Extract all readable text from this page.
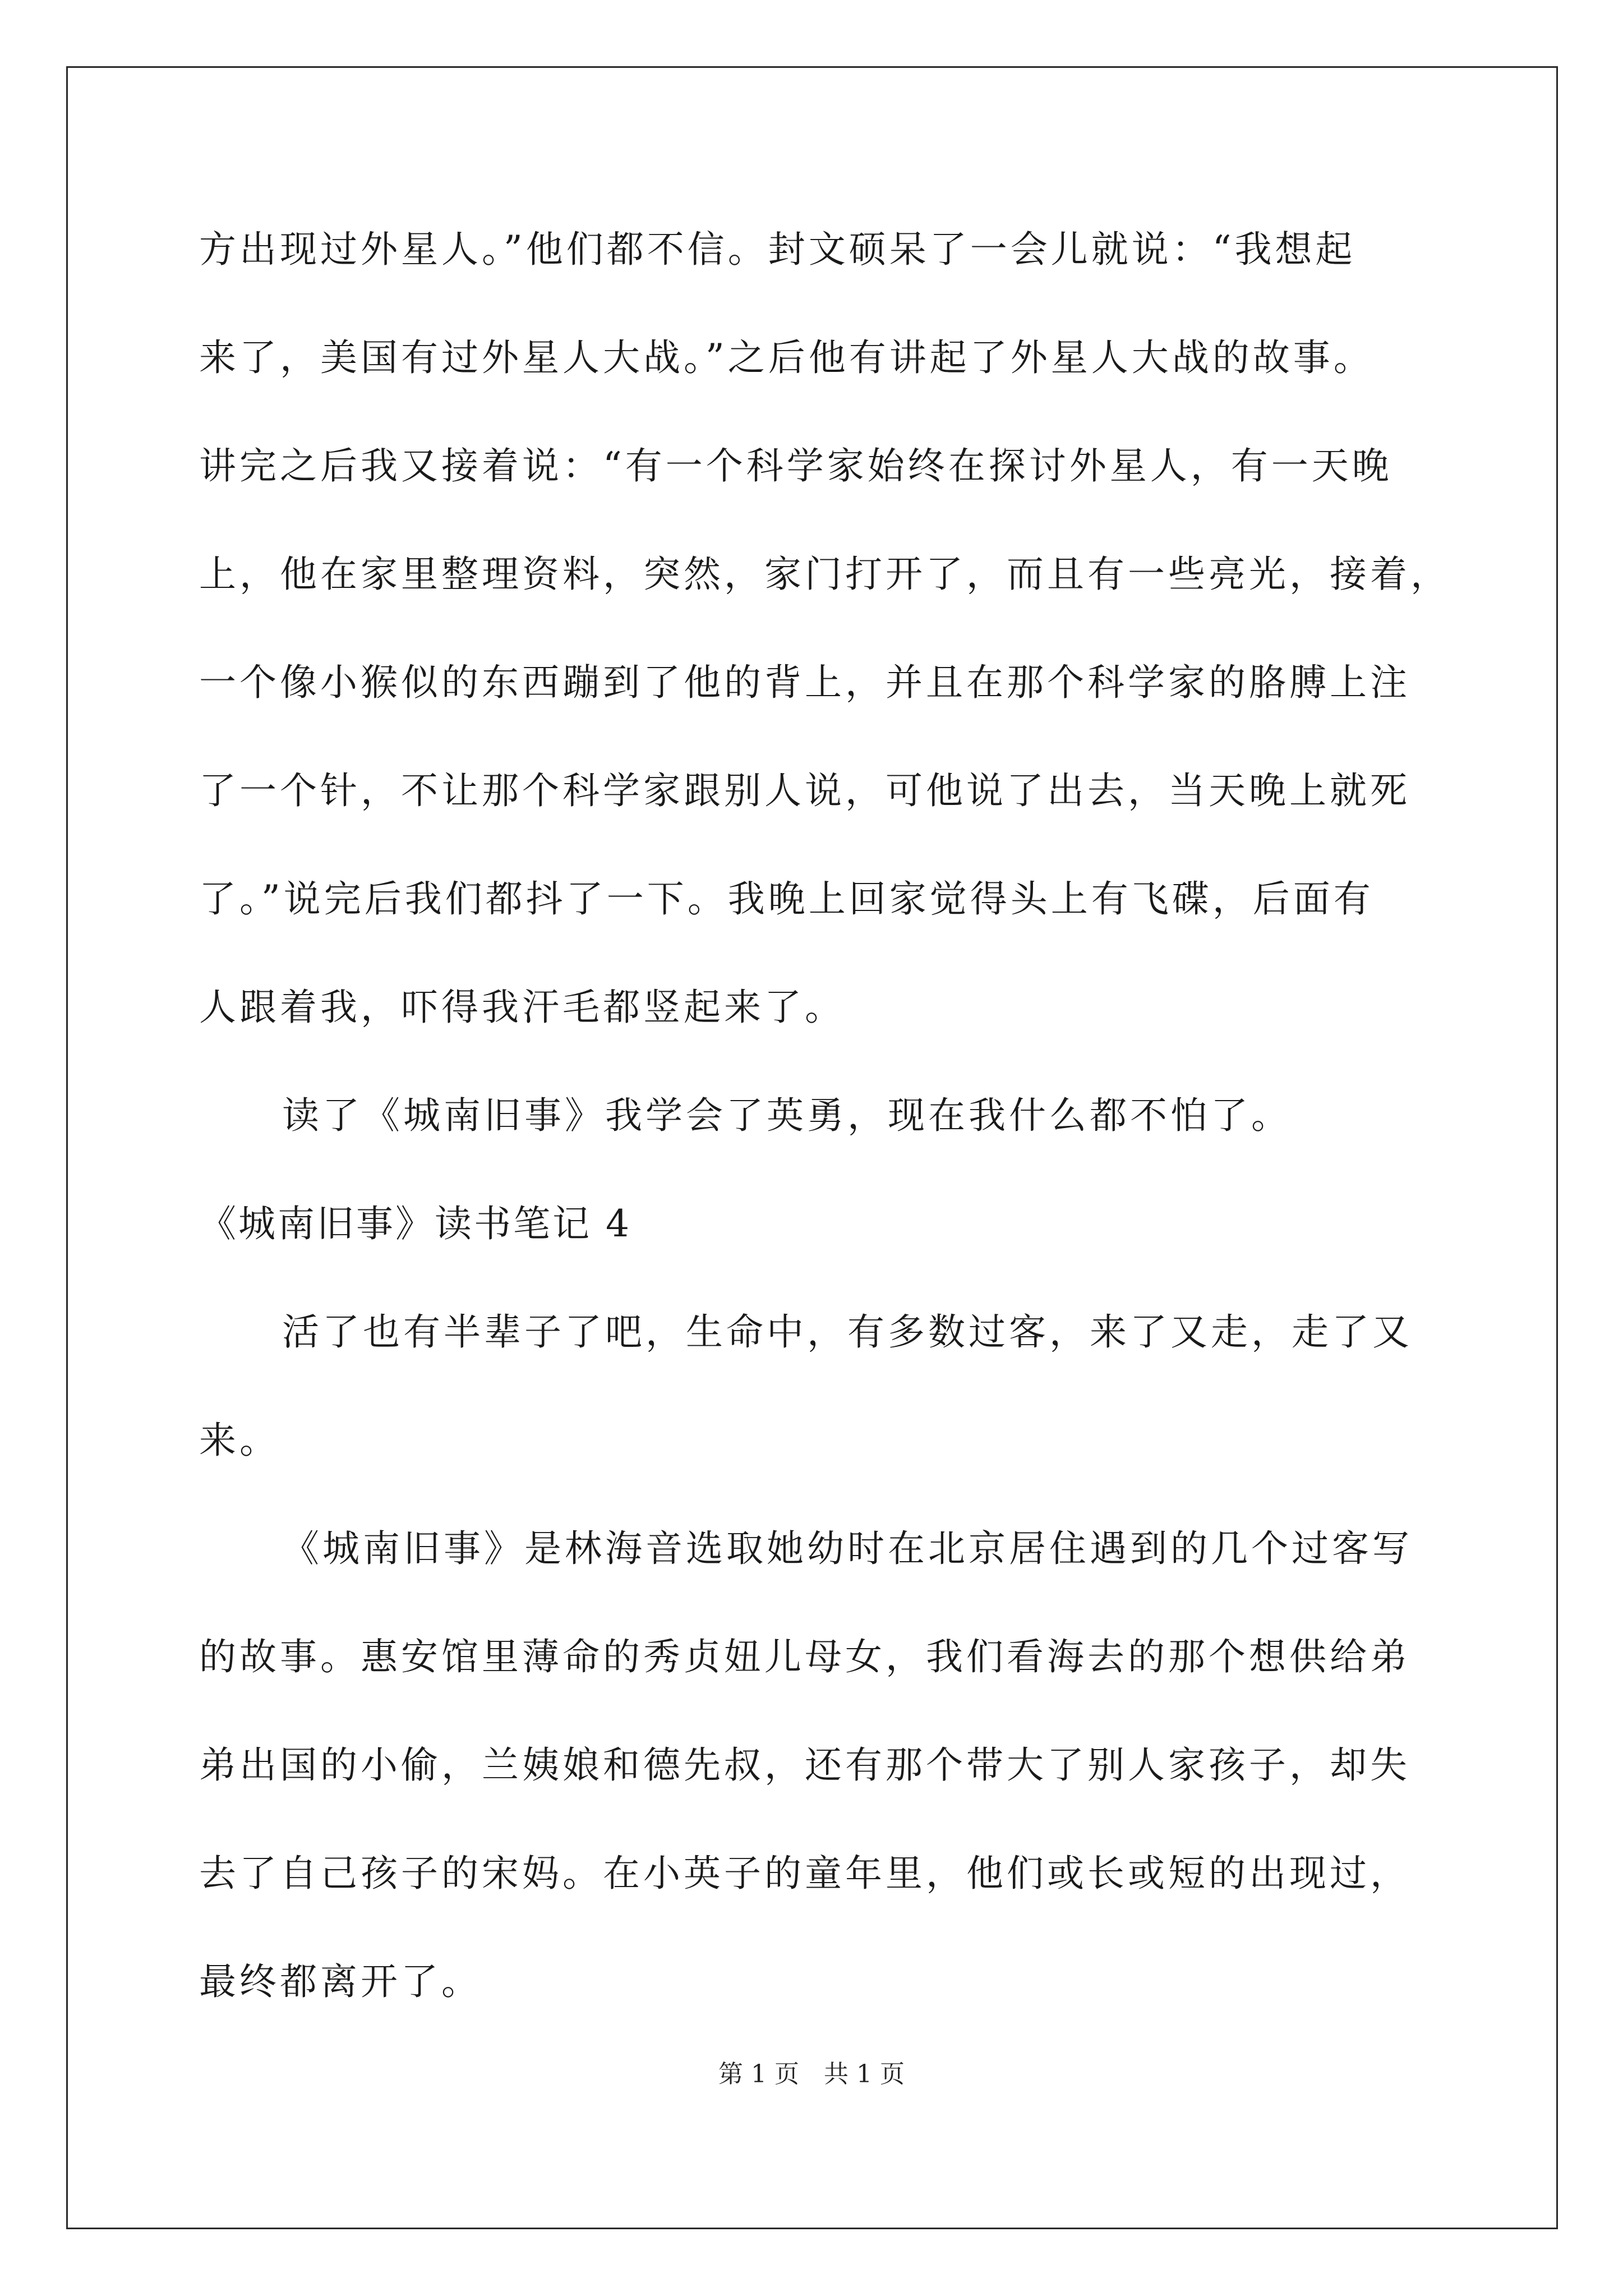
方出现过外星人。”他们都不信。封文硕呆了一会儿就说：“我想起
来了，美国有过外星人大战。”之后他有讲起了外星人大战的故事。
讲完之后我又接着说：“有一个科学家始终在探讨外星人，有一天晚
上，他在家里整理资料，突然，家门打开了，而且有一些亮光，接着，
一个像小猴似的东西蹦到了他的背上，并且在那个科学家的胳膊上注
了一个针，不让那个科学家跟别人说，可他说了出去，当天晚上就死
了。”说完后我们都抖了一下。我晚上回家觉得头上有飞碟，后面有
人跟着我，吓得我汗毛都竖起来了。
读了《城南旧事》我学会了英勇，现在我什么都不怕了。
《城南旧事》读书笔记 4
活了也有半辈子了吧，生命中，有多数过客，来了又走，走了又
来。
《城南旧事》是林海音选取她幼时在北京居住遇到的几个过客写
的故事。惠安馆里薄命的秀贞妞儿母女，我们看海去的那个想供给弟
弟出国的小偷，兰姨娘和德先叔，还有那个带大了别人家孩子，却失
去了自己孩子的宋妈。在小英子的童年里，他们或长或短的出现过，
最终都离开了。
第 1 页　共 1 页
